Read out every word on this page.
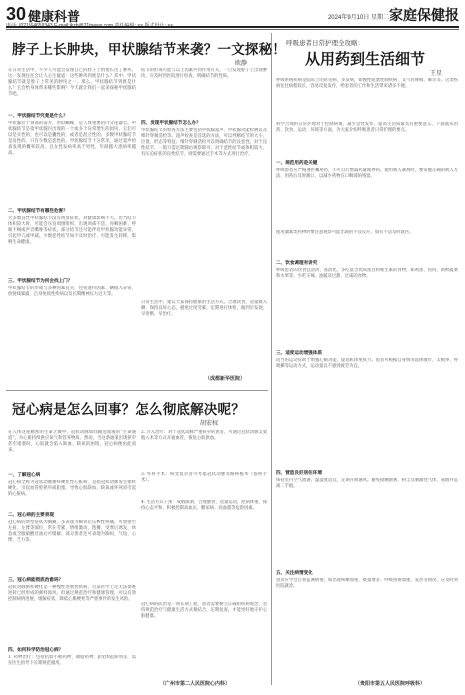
30 健康科普	2024年9月10日 星期二 家庭保健报
脖子上长肿块，甲状腺结节来袭？一文探秘！
欧静
在日常生活中，不少人可能会发现自己的脖子上悄悄长出了肿块。这一发现往往会让人心生疑虑：这些肿块到底是什么？其中，甲状腺结节就是脖子上常见的肿块之一。那么，甲状腺结节到底是什么？它会给身体带来哪些影响？今天就让我们一起来探秘甲状腺结节吧。
一、甲状腺结节究竟是什么？
甲状腺位于颈部的前方，形似蝴蝶，是人体重要的内分泌器官。甲状腺结节是指甲状腺内出现的一个或多个异常增生的团块，它们可以是实性的，也可以是囊性的，或者是混合性的。多数甲状腺结节是良性的，只有少数是恶性的。甲状腺结节十分常见，通过超声检查发现的概率较高，且女性发病率高于男性，年龄越大患病率越高。
二、甲状腺结节有哪些危害？
大多数良性甲状腺结节没有明显症状，对健康影响不大。但当结节体积较大时，可能会压迫周围组织，出现颈部不适、吞咽困难、呼吸不畅或声音嘶哑等症状。部分结节还可能伴有甲状腺功能异常，引起甲亢或甲减。少数恶性结节如不及时治疗，可能发生转移，影响生命健康。
三、甲状腺结节为何会找上门？
甲状腺结节的形成与多种因素有关，包括遗传因素、碘摄入异常、放射线暴露、自身免疫性疾病以及长期精神压力过大等。
结节的形成可能与以上因素共同作用有关。一旦发现脖子上出现肿块，应及时到医院进行检查，明确结节的性质。
四、发现甲状腺结节怎么办？
甲状腺结节的检查方法主要包括甲状腺超声、甲状腺功能检测以及细针穿刺活检等。超声检查是首选的方法，可以判断结节的大小、位置、形态等特征；细针穿刺活检可以明确结节的良恶性。对于良性结节，一般只需定期随访观察即可；对于恶性结节或体积较大、有压迫症状的良性结节，则需要通过手术等方式进行治疗。
日常生活中，建议大家保持健康的生活方式，合理饮食，适量摄入碘，保持良好心态，避免过度劳累，定期进行体检，做到早发现、早诊断、早治疗。
（成都新华医院）
冠心病是怎么回事？怎么彻底解决呢？
胡宏权
在人体这座精密的生命之城中，冠状动脉如同输送血液的“生命通道”，为心脏持续供应氧气和营养物质。然而，当这条通道出现狭窄甚至堵塞时，心脏就会陷入缺血、缺氧的困境，冠心病便由此而来。
一、了解冠心病
冠心病全称为冠状动脉粥样硬化性心脏病，是指冠状动脉发生粥样硬化，引起血管腔狭窄或阻塞，导致心肌缺血、缺氧或坏死而引起的心脏病。
二、冠心病的主要表现
冠心病的典型症状为胸痛，多表现为胸骨后压榨性疼痛，可放射至左肩、左臂等部位，常在劳累、情绪激动、饱餐、受寒后诱发，休息或含服硝酸甘油后可缓解。部分患者还可表现为胸闷、气短、心悸、乏力等。
三、冠心病能彻底治愈吗？
冠状动脉粥样硬化是一种慢性进展性疾病，目前医学上还无法彻底逆转已经形成的粥样斑块。但通过规范治疗和健康管理，可以有效控制病情进展，缓解症状，降低心肌梗死等严重事件的发生风险。
四、如何科学防治冠心病？
1. 药物治疗：包括抗血小板药物、调脂药物、β受体阻滞剂等，需在医生指导下长期规范服用。
2. 介入治疗：对于冠状动脉严重狭窄的患者，可通过冠状动脉支架植入术等方式开通血管，恢复心肌供血。
3. 外科手术：病变复杂者可考虑冠状动脉旁路移植术（搭桥手术）。
4. 生活方式干预：戒烟限酒，合理膳食，适量运动，控制体重，保持心态平和，积极控制高血压、糖尿病、高血脂等危险因素。
冠心病的防治是一项长期工程，患者需要树立正确的疾病观念，坚持规范治疗与健康生活方式相结合，定期复查，才能更好地守护心脏健康。
（广州市第二人民医院心内科）
呼吸患者日常护理全攻略：
从用药到生活细节
王星
呼吸系统疾病是临床上的常见病、多发病，如慢性阻塞性肺疾病、支气管哮喘、肺炎等。这类疾病往往病程较长，容易反复发作，给患者的工作和生活带来诸多不便。
科学合理的日常护理对于控制病情、减少急性发作、提高生活质量具有重要意义。下面就从用药、饮食、运动、环境等方面，为大家介绍呼吸患者日常护理的要点。
一、规范用药是关键
呼吸患者应严格遵医嘱用药，不可自行增减药量或停药。使用吸入制剂时，要掌握正确的吸入方法，用药后及时漱口，以减少药物在口咽部的残留。
使用激素类药物时要注意观察可能出现的不良反应，如有不适及时就医。
二、饮食调理有讲究
呼吸患者的饮食宜清淡、易消化，多吃富含优质蛋白和维生素的食物，如鸡蛋、鱼肉、新鲜蔬菜和水果等。少吃辛辣、油腻及过甜、过咸的食物。
三、适度运动增强体质
适当的运动有助于增强心肺功能，提高机体免疫力。患者可根据自身情况选择散步、太极拳、呼吸操等运动方式，运动量以不感到疲劳为宜。
四、营造良好居住环境
保持室内空气流通，温湿度适宜，定期开窗通风。避免接触烟雾、粉尘及刺激性气体，戒烟并远离二手烟。
五、关注病情变化
患者应学会自我监测病情，如出现咳嗽加重、痰量增多、呼吸困难加重、发热等情况，应及时到医院就诊。
（贵阳市第五人民医院呼吸科）
